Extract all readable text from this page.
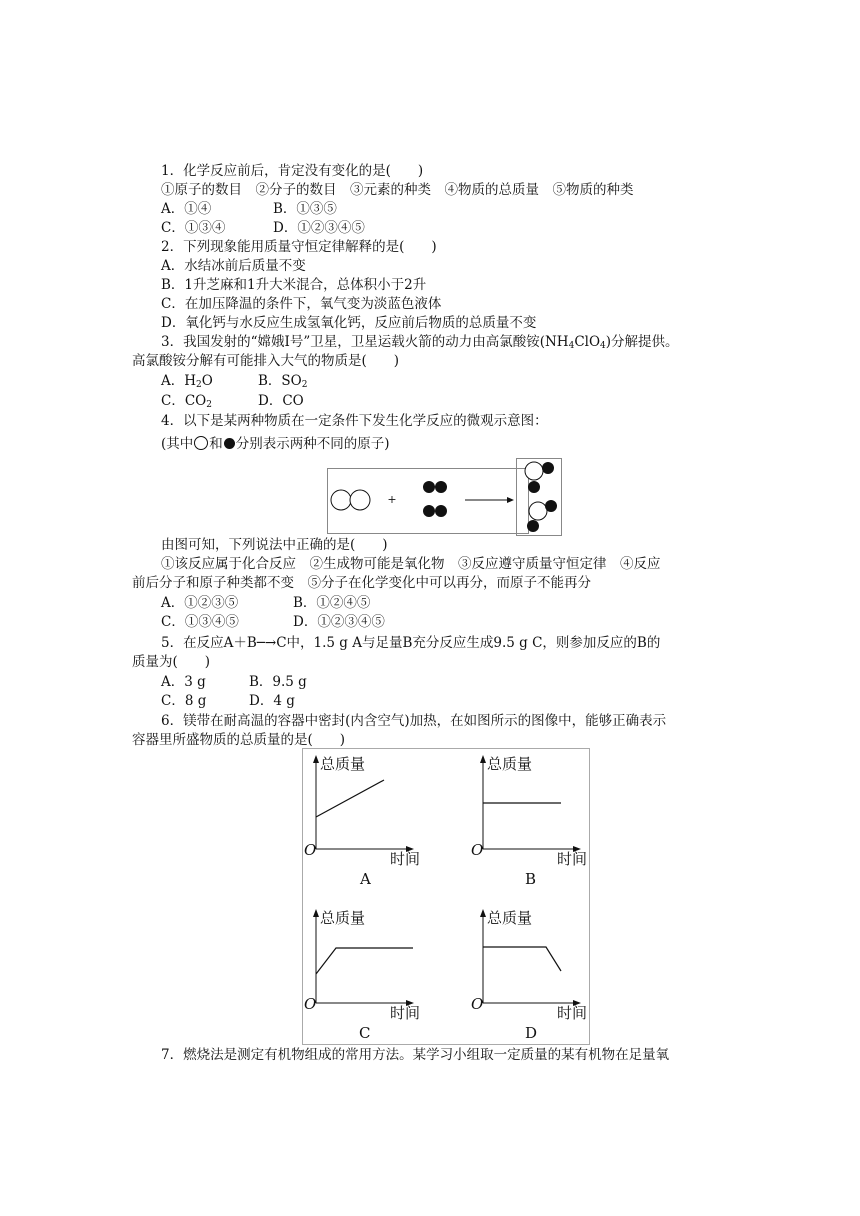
1．化学反应前后，肯定没有变化的是(　　)
①原子的数目　②分子的数目　③元素的种类　④物质的总质量　⑤物质的种类
A．①④	B．①③⑤
C．①③④	D．①②③④⑤
2．下列现象能用质量守恒定律解释的是(　　)
A．水结冰前后质量不变
B．1升芝麻和1升大米混合，总体积小于2升
C．在加压降温的条件下，氧气变为淡蓝色液体
D．氧化钙与水反应生成氢氧化钙，反应前后物质的总质量不变
3．我国发射的“嫦娥Ⅰ号”卫星，卫星运载火箭的动力由高氯酸铵$(NH_4ClO_4)$分解提供。
高氯酸铵分解有可能排入大气的物质是(　　)
A．$H_2O$	B．$SO_2$
C．$CO_2$	D．CO
4．以下是某两种物质在一定条件下发生化学反应的微观示意图：
(其中 和 分别表示两种不同的原子)
+
由图可知，下列说法中正确的是(　　)
①该反应属于化合反应　②生成物可能是氧化物　③反应遵守质量守恒定律　④反应
前后分子和原子种类都不变　⑤分子在化学变化中可以再分，而原子不能再分
A．①②③⑤	B．①②④⑤
C．①③④⑤	D．①②③④⑤
5．在反应A＋B─→C中，1.5 g A与足量B充分反应生成9.5 g C，则参加反应的B的
质量为(　　)
A．3 g	B．9.5 g
C．8 g	D．4 g
6．镁带在耐高温的容器中密封(内含空气)加热，在如图所示的图像中，能够正确表示
容器里所盛物质的总质量的是(　　)
总质量
时间
O
A
总质量
时间
O
B
总质量
时间
O
C
总质量
时间
O
D
7．燃烧法是测定有机物组成的常用方法。某学习小组取一定质量的某有机物在足量氧
